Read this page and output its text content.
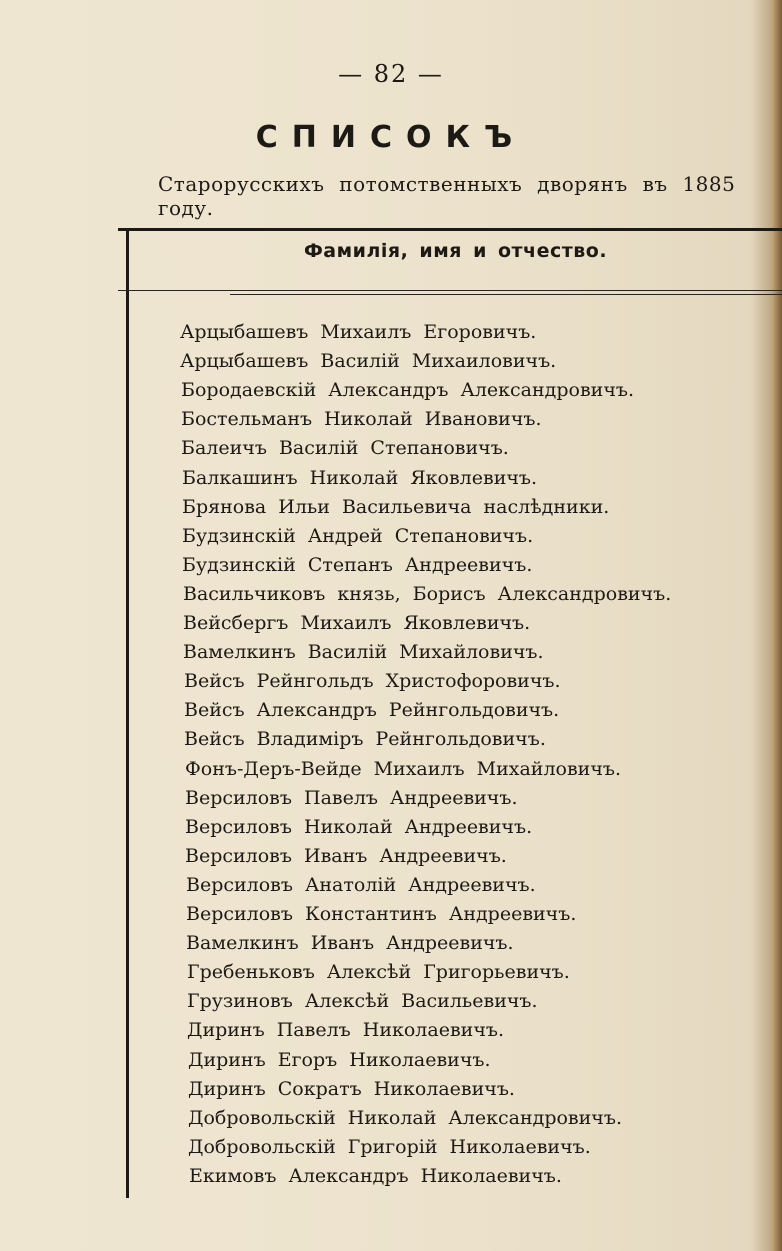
— 82 —
СПИСОКЪ
Старорусскихъ потомственныхъ дворянъ въ 1885 году.
Фамилія, имя и отчество.
Арцыбашевъ Михаилъ Егоровичъ.
Арцыбашевъ Василій Михаиловичъ.
Бородаевскій Александръ Александровичъ.
Бостельманъ Николай Ивановичъ.
Балеичъ Василій Степановичъ.
Балкашинъ Николай Яковлевичъ.
Брянова Ильи Васильевича наслѣдники.
Будзинскій Андрей Степановичъ.
Будзинскій Степанъ Андреевичъ.
Васильчиковъ князь, Борисъ Александровичъ.
Вейсбергъ Михаилъ Яковлевичъ.
Вамелкинъ Василій Михайловичъ.
Вейсъ Рейнгольдъ Христофоровичъ.
Вейсъ Александръ Рейнгольдовичъ.
Вейсъ Владиміръ Рейнгольдовичъ.
Фонъ-Деръ-Вейде Михаилъ Михайловичъ.
Версиловъ Павелъ Андреевичъ.
Версиловъ Николай Андреевичъ.
Версиловъ Иванъ Андреевичъ.
Версиловъ Анатолій Андреевичъ.
Версиловъ Константинъ Андреевичъ.
Вамелкинъ Иванъ Андреевичъ.
Гребеньковъ Алексѣй Григорьевичъ.
Грузиновъ Алексѣй Васильевичъ.
Диринъ Павелъ Николаевичъ.
Диринъ Егоръ Николаевичъ.
Диринъ Сократъ Николаевичъ.
Добровольскій Николай Александровичъ.
Добровольскій Григорій Николаевичъ.
Екимовъ Александръ Николаевичъ.
